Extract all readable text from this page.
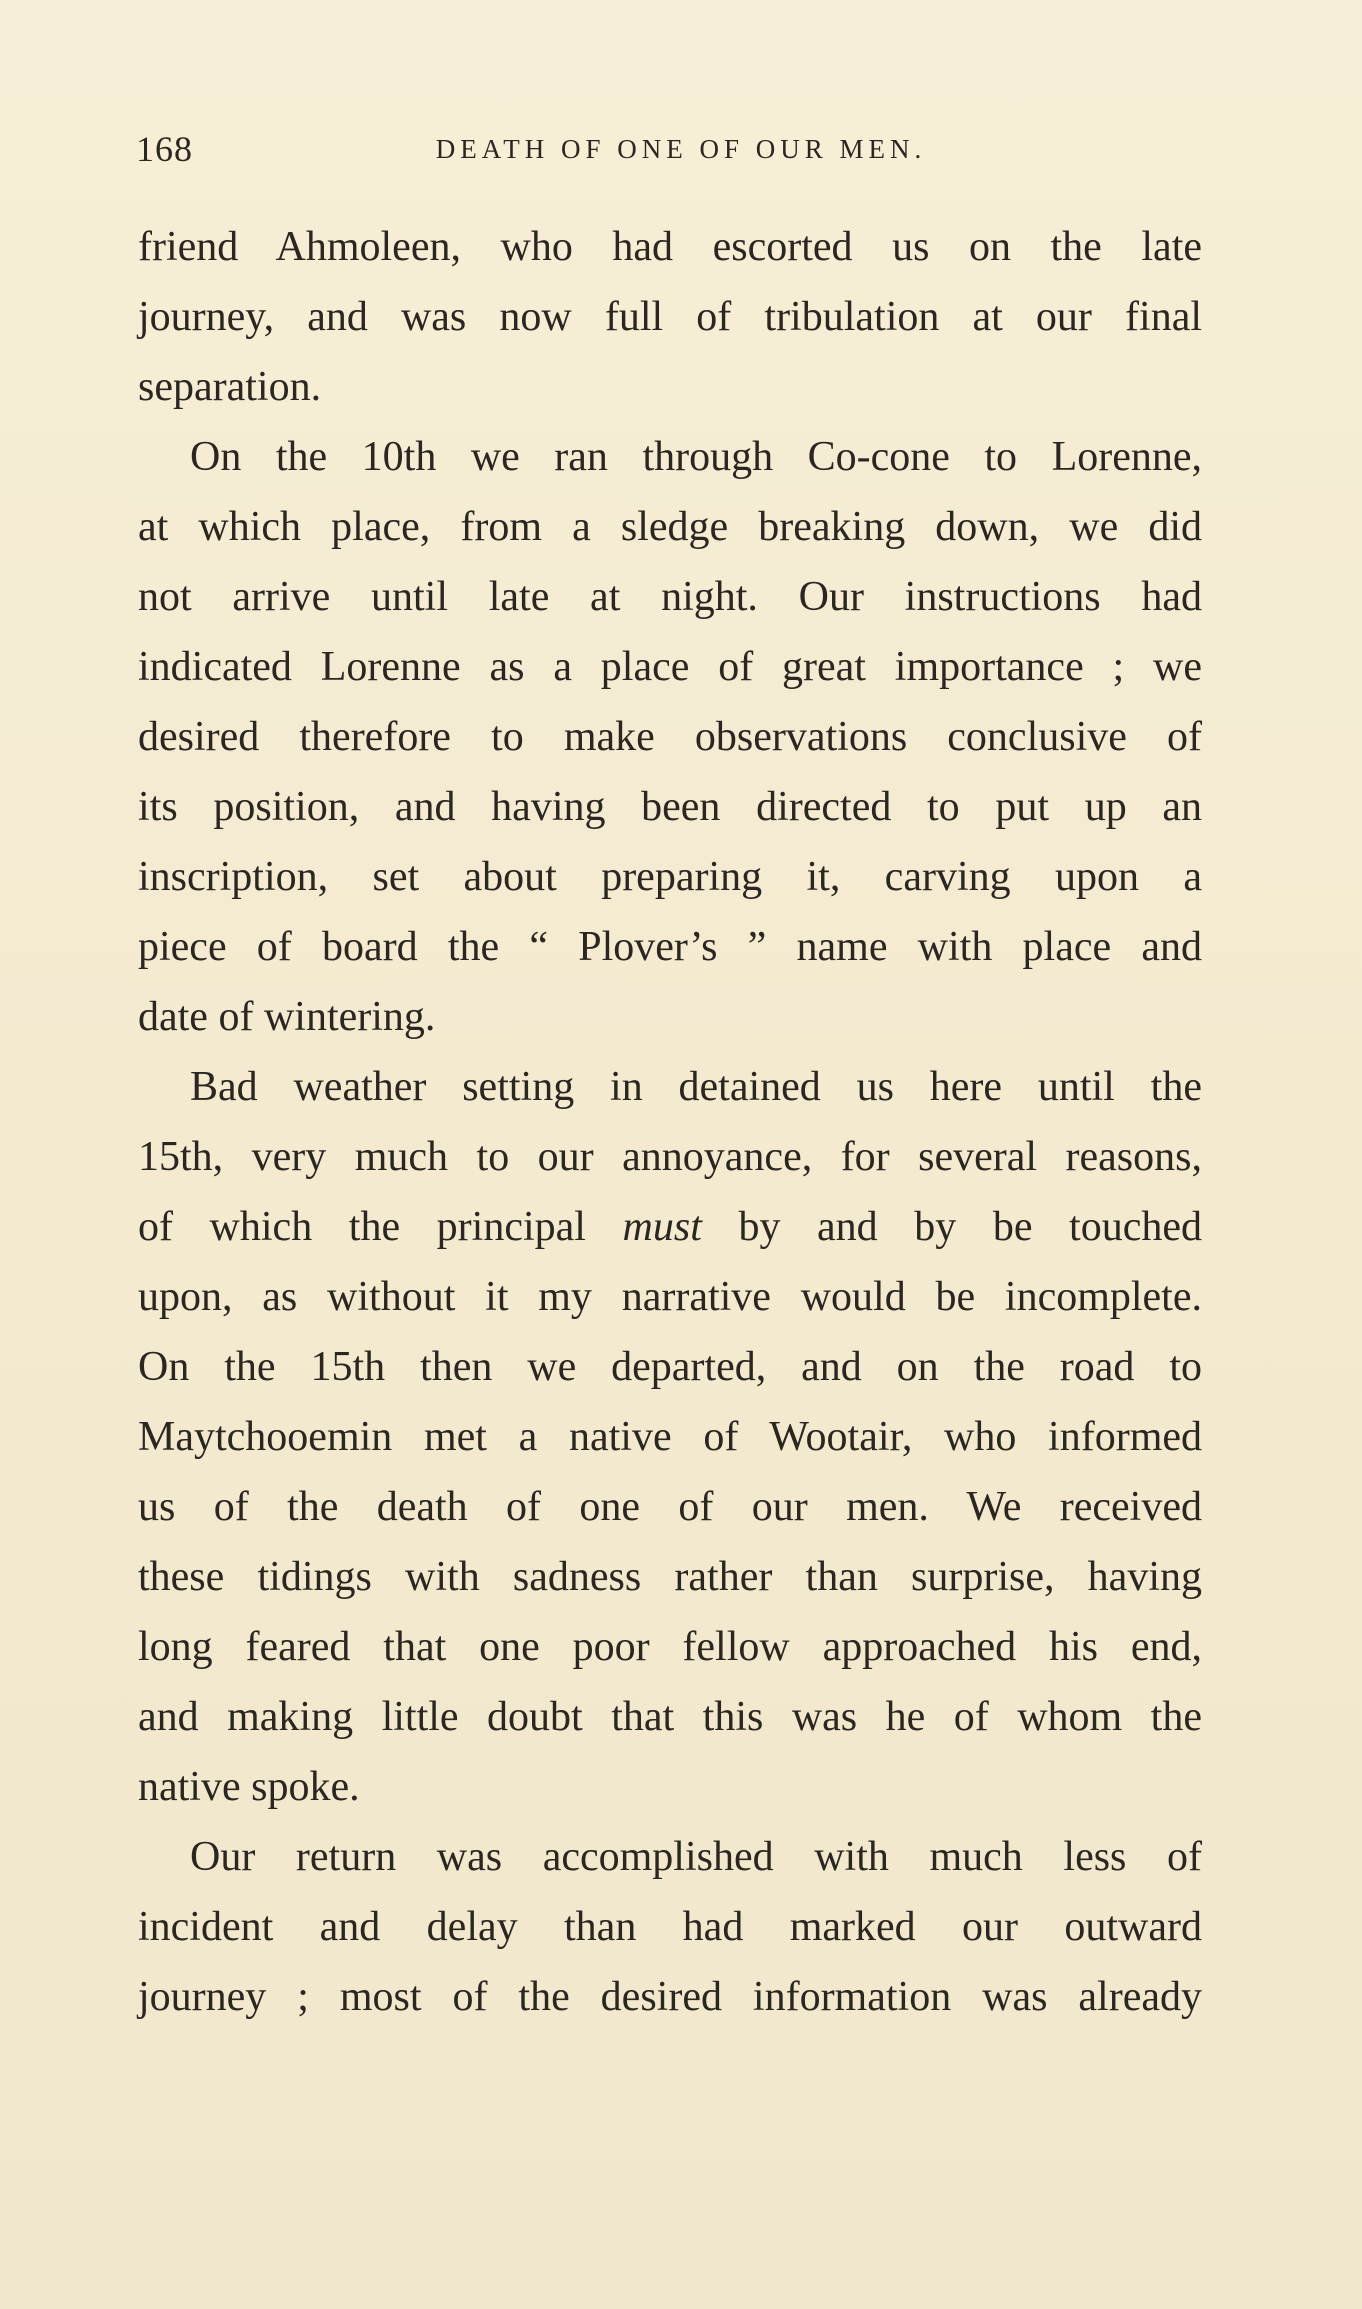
168	DEATH OF ONE OF OUR MEN.
friend Ahmoleen, who had escorted us on the late
journey, and was now full of tribulation at our final
separation.
On the 10th we ran through Co-cone to Lorenne,
at which place, from a sledge breaking down, we did
not arrive until late at night. Our instructions had
indicated Lorenne as a place of great importance ; we
desired therefore to make observations conclusive of
its position, and having been directed to put up an
inscription, set about preparing it, carving upon a
piece of board the “ Plover’s ” name with place and
date of wintering.
Bad weather setting in detained us here until the
15th, very much to our annoyance, for several reasons,
of which the principal must by and by be touched
upon, as without it my narrative would be incomplete.
On the 15th then we departed, and on the road to
Maytchooemin met a native of Wootair, who informed
us of the death of one of our men. We received
these tidings with sadness rather than surprise, having
long feared that one poor fellow approached his end,
and making little doubt that this was he of whom the
native spoke.
Our return was accomplished with much less of
incident and delay than had marked our outward
journey ; most of the desired information was already
